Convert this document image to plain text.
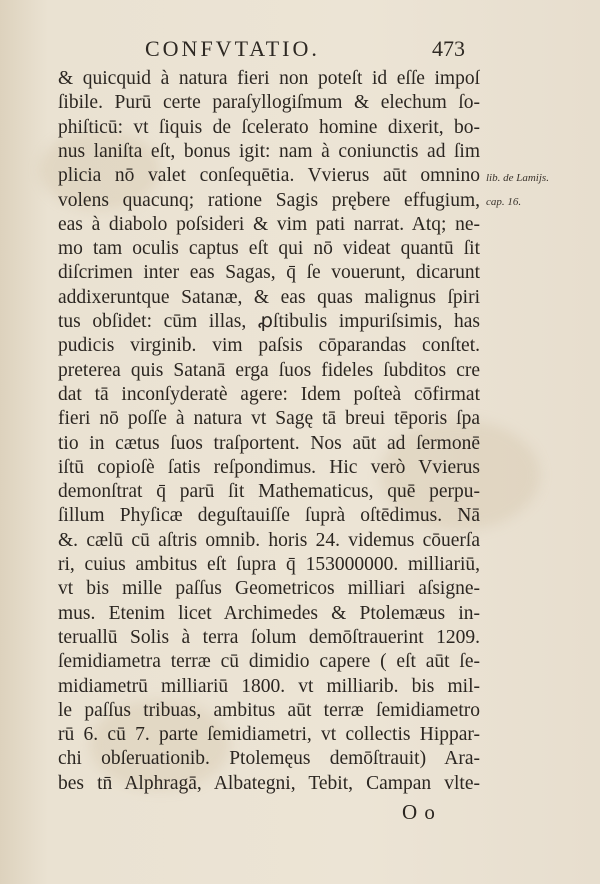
CONFVTATIO.	473
& quicquid à natura fieri non poteſt id eſſe impoſ
ſibile. Purū certe paraſyllogiſmum & elechum ſo-
phiſticū: vt ſiquis de ſcelerato homine dixerit, bo-
nus laniſta eſt, bonus igit: nam à coniunctis ad ſim
plicia nō valet conſequētia. Vvierus aūt omnino
volens quacunq; ratione Sagis prębere effugium,
eas à diabolo poſsideri & vim pati narrat. Atq; ne-
mo tam oculis captus eſt qui nō videat quantū ſit
diſcrimen inter eas Sagas, q̄ ſe vouerunt, dicarunt
addixeruntque Satanæ, & eas quas malignus ſpiri
tus obſidet: cūm illas, ꝓſtibulis impuriſsimis, has
pudicis virginib. vim paſsis cōparandas conſtet.
preterea quis Satanā erga ſuos fideles ſubditos cre
dat tā inconſyderatè agere: Idem poſteà cōfirmat
fieri nō poſſe à natura vt Sagę tā breui tēporis ſpa
tio in cætus ſuos traſportent. Nos aūt ad ſermonē
iſtū copioſè ſatis reſpondimus. Hic verò Vvierus
demonſtrat q̄ parū ſit Mathematicus, quē perpu-
ſillum Phyſicæ deguſtauiſſe ſuprà oſtēdimus. Nā
&. cælū cū aſtris omnib. horis 24. videmus cōuerſa
ri, cuius ambitus eſt ſupra q̄ 153000000. milliariū,
vt bis mille paſſus Geometricos milliari aſsigne-
mus. Etenim licet Archimedes & Ptolemæus in-
teruallū Solis à terra ſolum demōſtrauerint 1209.
ſemidiametra terræ cū dimidio capere ( eſt aūt ſe-
midiametrū milliariū 1800. vt milliarib. bis mil-
le paſſus tribuas, ambitus aūt terræ ſemidiametro
rū 6. cū 7. parte ſemidiametri, vt collectis Hippar-
chi obſeruationib. Ptolemęus demōſtrauit) Ara-
bes tn̄ Alphragā, Albategni, Tebit, Campan vlte-
lib. de Lamijs.
cap. 16.
O o
